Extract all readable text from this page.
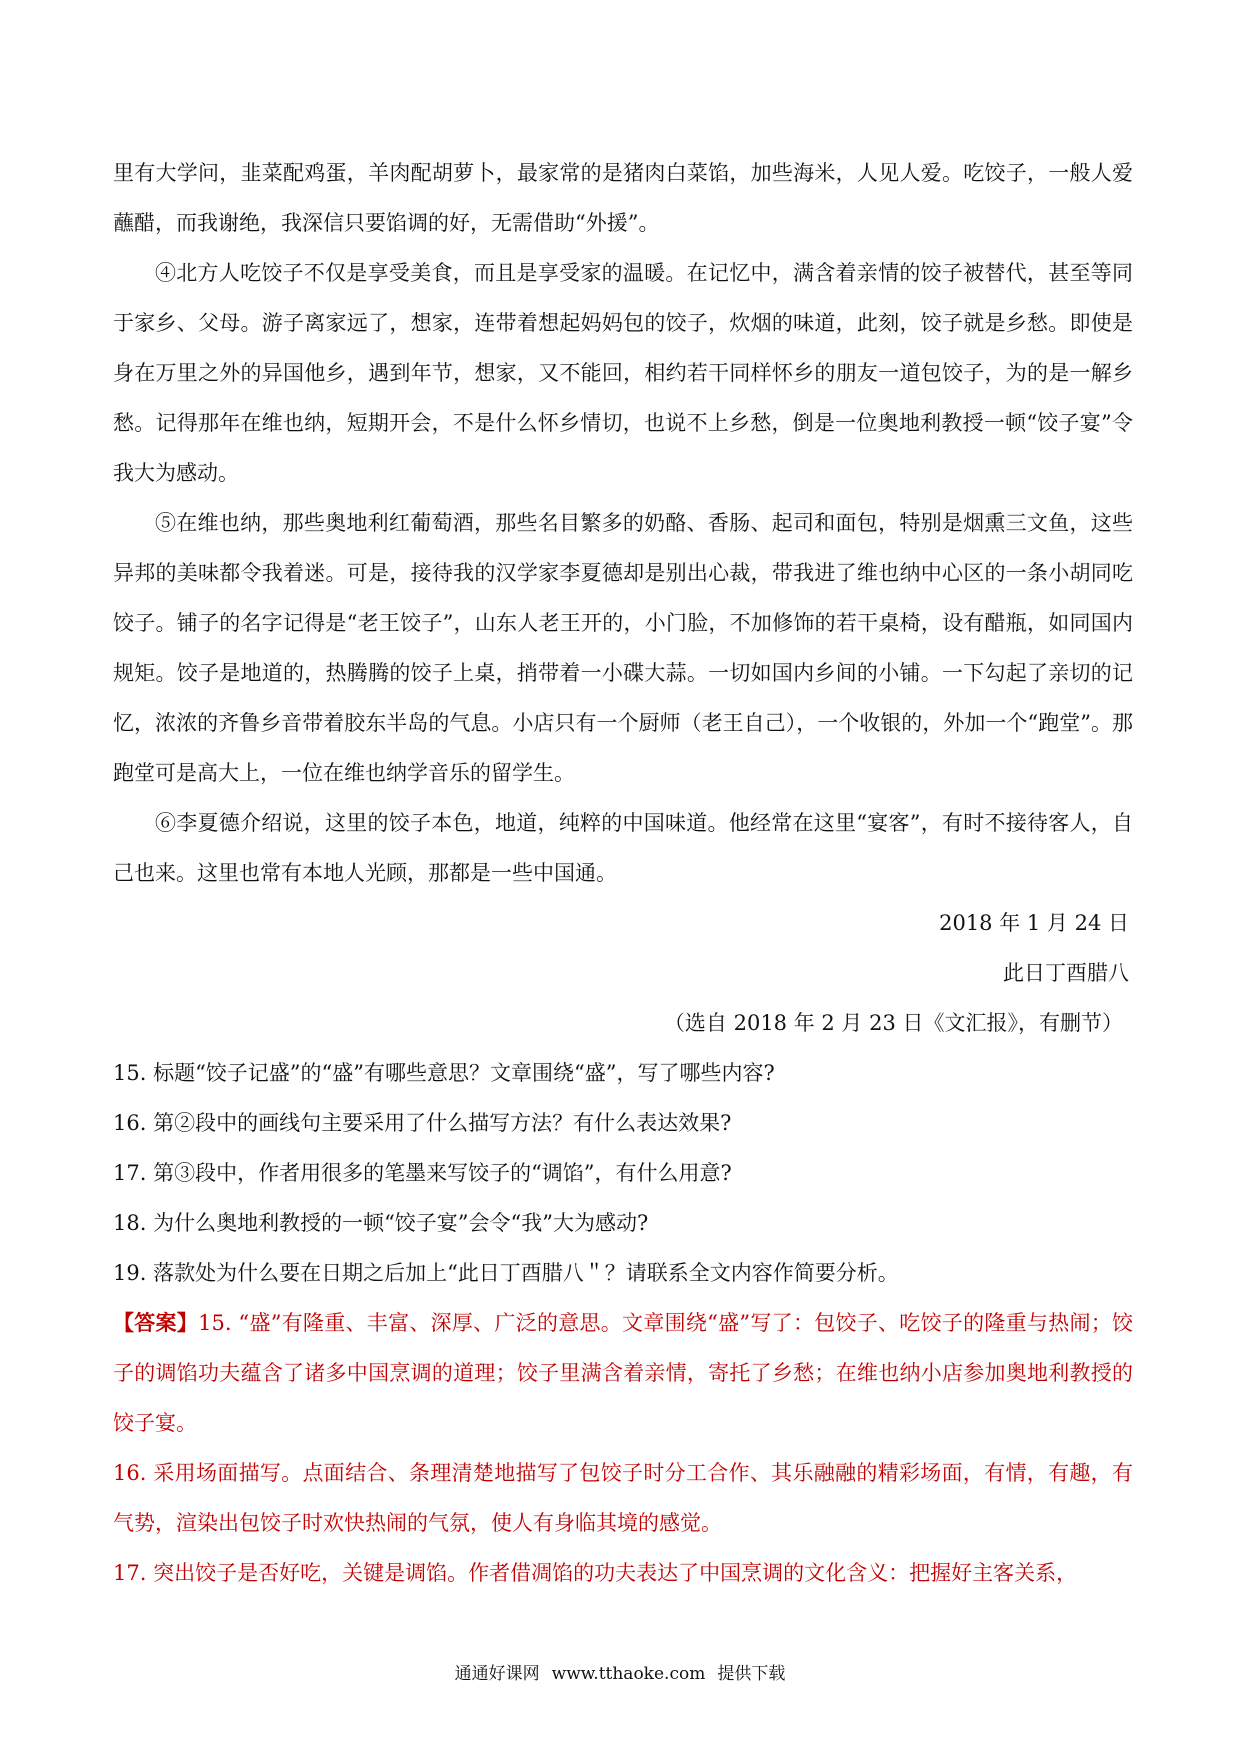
里有大学问，韭菜配鸡蛋，羊肉配胡萝卜，最家常的是猪肉白菜馅，加些海米，人见人爱。吃饺子，一般人爱蘸醋，而我谢绝，我深信只要馅调的好，无需借助“外援”。

④北方人吃饺子不仅是享受美食，而且是享受家的温暖。在记忆中，满含着亲情的饺子被替代，甚至等同于家乡、父母。游子离家远了，想家，连带着想起妈妈包的饺子，炊烟的味道，此刻，饺子就是乡愁。即使是身在万里之外的异国他乡，遇到年节，想家，又不能回，相约若干同样怀乡的朋友一道包饺子，为的是一解乡愁。记得那年在维也纳，短期开会，不是什么怀乡情切，也说不上乡愁，倒是一位奥地利教授一顿“饺子宴”令我大为感动。

⑤在维也纳，那些奥地利红葡萄酒，那些名目繁多的奶酪、香肠、起司和面包，特别是烟熏三文鱼，这些异邦的美味都令我着迷。可是，接待我的汉学家李夏德却是别出心裁，带我进了维也纳中心区的一条小胡同吃饺子。铺子的名字记得是“老王饺子”，山东人老王开的，小门脸，不加修饰的若干桌椅，设有醋瓶，如同国内规矩。饺子是地道的，热腾腾的饺子上桌，捎带着一小碟大蒜。一切如国内乡间的小铺。一下勾起了亲切的记忆，浓浓的齐鲁乡音带着胶东半岛的气息。小店只有一个厨师（老王自己），一个收银的，外加一个“跑堂”。那跑堂可是高大上，一位在维也纳学音乐的留学生。

⑥李夏德介绍说，这里的饺子本色，地道，纯粹的中国味道。他经常在这里“宴客”，有时不接待客人，自己也来。这里也常有本地人光顾，那都是一些中国通。

2018 年 1 月 24 日

此日丁酉腊八

（选自 2018 年 2 月 23 日《文汇报》，有删节）

15. 标题“饺子记盛”的“盛”有哪些意思？文章围绕“盛”，写了哪些内容?

16. 第②段中的画线句主要采用了什么描写方法？有什么表达效果?

17. 第③段中，作者用很多的笔墨来写饺子的“调馅”，有什么用意?

18. 为什么奥地利教授的一顿“饺子宴”会令“我”大为感动?

19. 落款处为什么要在日期之后加上“此日丁酉腊八＂？请联系全文内容作简要分析。

【答案】15. “盛”有隆重、丰富、深厚、广泛的意思。文章围绕“盛”写了：包饺子、吃饺子的隆重与热闹；饺子的调馅功夫蕴含了诸多中国烹调的道理；饺子里满含着亲情，寄托了乡愁；在维也纳小店参加奥地利教授的饺子宴。

16. 采用场面描写。点面结合、条理清楚地描写了包饺子时分工合作、其乐融融的精彩场面，有情，有趣，有气势，渲染出包饺子时欢快热闹的气氛，使人有身临其境的感觉。

17. 突出饺子是否好吃，关键是调馅。作者借凋馅的功夫表达了中国烹调的文化含义：把握好主客关系，

通通好课网 www.tthaoke.com 提供下载
